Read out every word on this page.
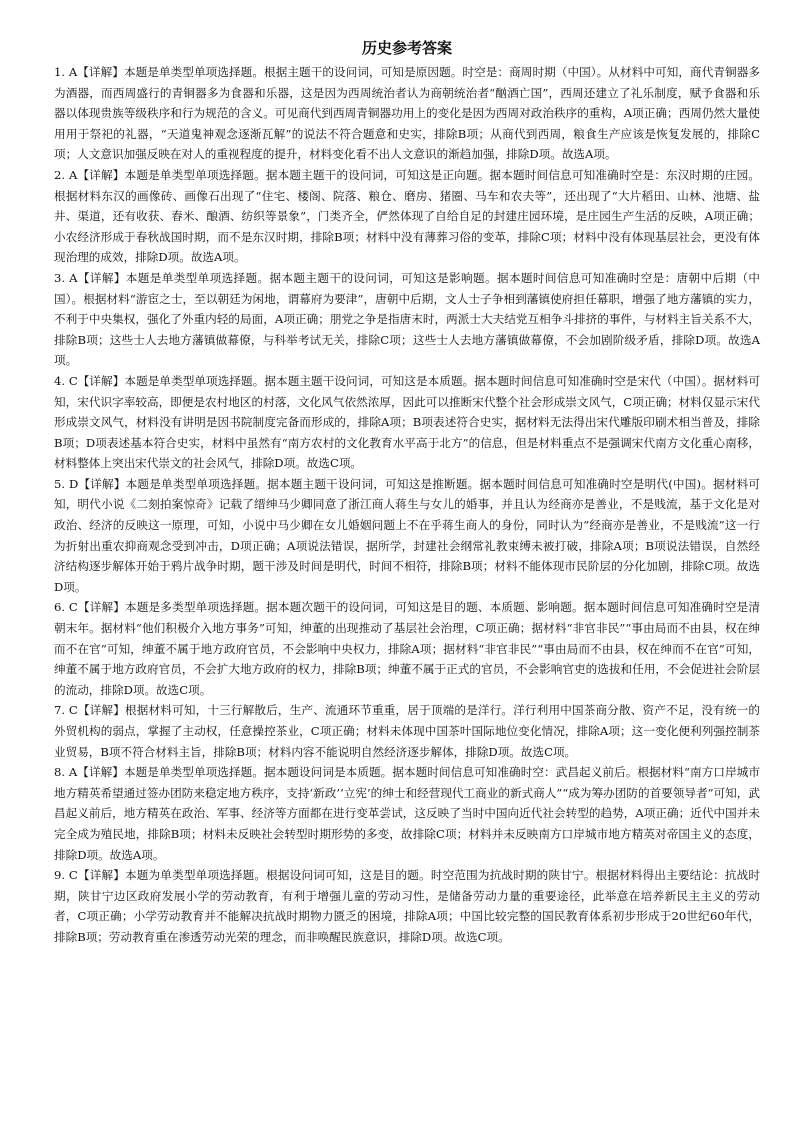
历史参考答案

1. A【详解】本题是单类型单项选择题。根据主题干的设问词，可知是原因题。时空是：商周时期（中国）。从材料中可知，商代青铜器多为酒器，而西周盛行的青铜器多为食器和乐器，这是因为西周统治者认为商朝统治者“酗酒亡国”，西周还建立了礼乐制度，赋予食器和乐器以体现贵族等级秩序和行为规范的含义。可见商代到西周青铜器功用上的变化是因为西周对政治秩序的重构，A项正确；西周仍然大量使用用于祭祀的礼器，“天道鬼神观念逐渐瓦解”的说法不符合题意和史实，排除B项；从商代到西周，粮食生产应该是恢复发展的，排除C项；人文意识加强反映在对人的重视程度的提升，材料变化看不出人文意识的渐趋加强，排除D项。故选A项。

2. A【详解】本题是单类型单项选择题。据本题主题干的设问词，可知这是正向题。据本题时间信息可知准确时空是：东汉时期的庄园。根据材料东汉的画像砖、画像石出现了“住宅、楼阁、院落、粮仓、磨房、猪圈、马车和农夫等”，还出现了“大片稻田、山林、池塘、盐井、渠道，还有收获、舂米、酿酒、纺织等景象”，门类齐全，俨然体现了自给自足的封建庄园环境，是庄园生产生活的反映，A项正确；小农经济形成于春秋战国时期，而不是东汉时期，排除B项；材料中没有薄葬习俗的变革，排除C项；材料中没有体现基层社会，更没有体现治理的成效，排除D项。故选A项。

3. A【详解】本题是单类型单项选择题。据本题主题干的设问词，可知这是影响题。据本题时间信息可知准确时空是：唐朝中后期（中国）。根据材料“游宦之士，至以朝廷为闲地，谓幕府为要津”，唐朝中后期，文人士子争相到藩镇使府担任幕职，增强了地方藩镇的实力，不利于中央集权，强化了外重内轻的局面，A项正确；朋党之争是指唐末时，两派士大夫结党互相争斗排挤的事件，与材料主旨关系不大，排除B项；这些士人去地方藩镇做幕僚，与科举考试无关，排除C项；这些士人去地方藩镇做幕僚，不会加剧阶级矛盾，排除D项。故选A项。

4. C【详解】本题是单类型单项选择题。据本题主题干设问词，可知这是本质题。据本题时间信息可知准确时空是宋代（中国）。据材料可知，宋代识字率较高，即便是农村地区的村落，文化风气依然浓厚，因此可以推断宋代整个社会形成崇文风气，C项正确；材料仅显示宋代形成崇文风气，材料没有讲明是因书院制度完备而形成的，排除A项；B项表述符合史实，据材料无法得出宋代雕版印刷术相当普及，排除B项；D项表述基本符合史实，材料中虽然有“南方农村的文化教育水平高于北方”的信息，但是材料重点不是强调宋代南方文化重心南移，材料整体上突出宋代崇文的社会风气，排除D项。故选C项。

5. D【详解】本题是单类型单项选择题。据本题主题干设问词，可知这是推断题。据本题时间信息可知准确时空是明代(中国)。据材料可知，明代小说《二刻拍案惊奇》记载了缙绅马少卿同意了浙江商人蒋生与女儿的婚事，并且认为经商亦是善业，不是贱流，基于文化是对政治、经济的反映这一原理，可知，小说中马少卿在女儿婚姻问题上不在乎蒋生商人的身份，同时认为“经商亦是善业，不是贱流”这一行为折射出重农抑商观念受到冲击，D项正确；A项说法错误，据所学，封建社会纲常礼教束缚未被打破，排除A项；B项说法错误，自然经济结构逐步解体开始于鸦片战争时期，题干涉及时间是明代，时间不相符，排除B项；材料不能体现市民阶层的分化加剧，排除C项。故选D项。

6. C【详解】本题是多类型单项选择题。据本题次题干的设问词，可知这是目的题、本质题、影响题。据本题时间信息可知准确时空是清朝末年。据材料“他们积极介入地方事务”可知，绅董的出现推动了基层社会治理，C项正确；据材料“非官非民”“事由局而不由县，权在绅而不在官”可知，绅董不属于地方政府官员，不会影响中央权力，排除A项；据材料“非官非民”“事由局而不由县，权在绅而不在官”可知，绅董不属于地方政府官员，不会扩大地方政府的权力，排除B项；绅董不属于正式的官员，不会影响官吏的选拔和任用，不会促进社会阶层的流动，排除D项。故选C项。

7. C【详解】根据材料可知，十三行解散后，生产、流通环节重重，居于顶端的是洋行。洋行利用中国茶商分散、资产不足，没有统一的外贸机构的弱点，掌握了主动权，任意操控茶业，C项正确；材料未体现中国茶叶国际地位变化情况，排除A项；这一变化便利列强控制茶业贸易，B项不符合材料主旨，排除B项；材料内容不能说明自然经济逐步解体，排除D项。故选C项。

8. A【详解】本题是单类型单项选择题。据本题设问词是本质题。据本题时间信息可知准确时空：武昌起义前后。根据材料“南方口岸城市地方精英希望通过签办团防来稳定地方秩序，支持‘新政’‘立宪’的绅士和经营现代工商业的新式商人”“成为筹办团防的首要领导者”可知，武昌起义前后，地方精英在政治、军事、经济等方面都在进行变革尝试，这反映了当时中国向近代社会转型的趋势，A项正确；近代中国并未完全成为殖民地，排除B项；材料未反映社会转型时期形势的多变，故排除C项；材料并未反映南方口岸城市地方精英对帝国主义的态度，排除D项。故选A项。

9. C【详解】本题为单类型单项选择题。根据设问词可知，这是目的题。时空范围为抗战时期的陕甘宁。根据材料得出主要结论：抗战时期，陕甘宁边区政府发展小学的劳动教育，有利于增强儿童的劳动习性，是储备劳动力量的重要途径，此举意在培养新民主主义的劳动者，C项正确；小学劳动教育并不能解决抗战时期物力匮乏的困境，排除A项；中国比较完整的国民教育体系初步形成于20世纪60年代，排除B项；劳动教育重在渗透劳动光荣的理念，而非唤醒民族意识，排除D项。故选C项。
